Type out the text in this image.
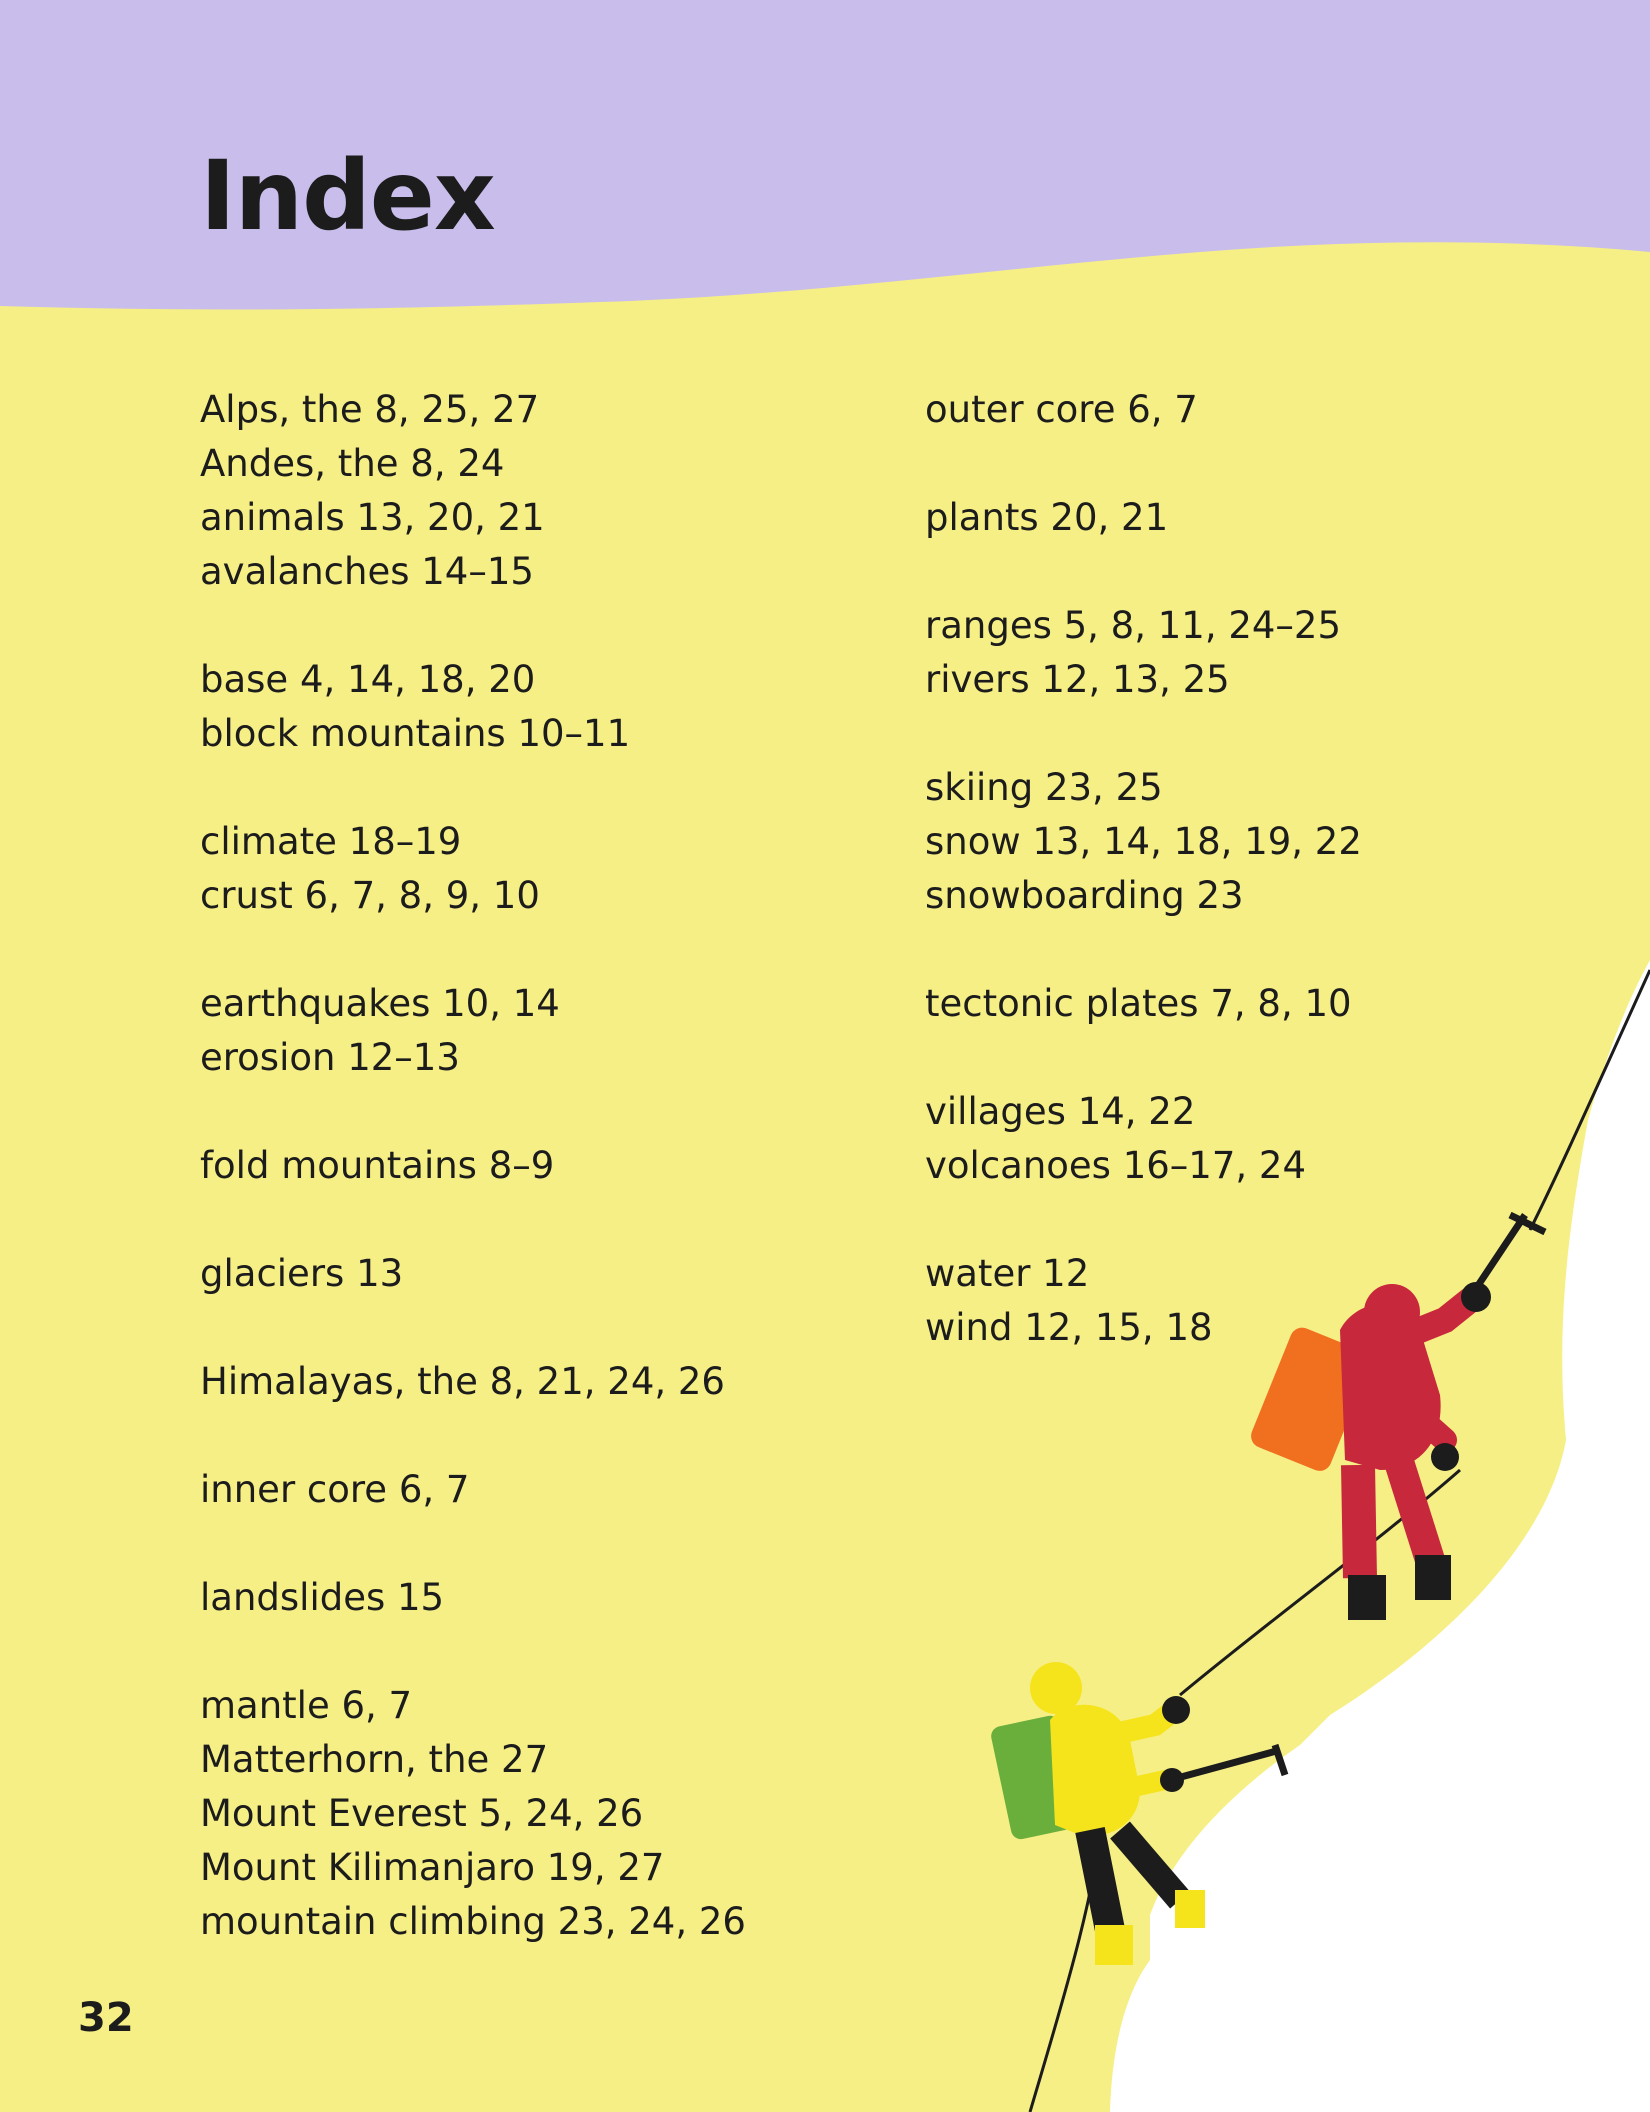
Index
Alps, the 8, 25, 27
Andes, the 8, 24
animals 13, 20, 21
avalanches 14–15
base 4, 14, 18, 20
block mountains 10–11
climate 18–19
crust 6, 7, 8, 9, 10
earthquakes 10, 14
erosion 12–13
fold mountains 8–9
glaciers 13
Himalayas, the 8, 21, 24, 26
inner core 6, 7
landslides 15
mantle 6, 7
Matterhorn, the 27
Mount Everest 5, 24, 26
Mount Kilimanjaro 19, 27
mountain climbing 23, 24, 26
outer core 6, 7
plants 20, 21
ranges 5, 8, 11, 24–25
rivers 12, 13, 25
skiing 23, 25
snow 13, 14, 18, 19, 22
snowboarding 23
tectonic plates 7, 8, 10
villages 14, 22
volcanoes 16–17, 24
water 12
wind 12, 15, 18
32
